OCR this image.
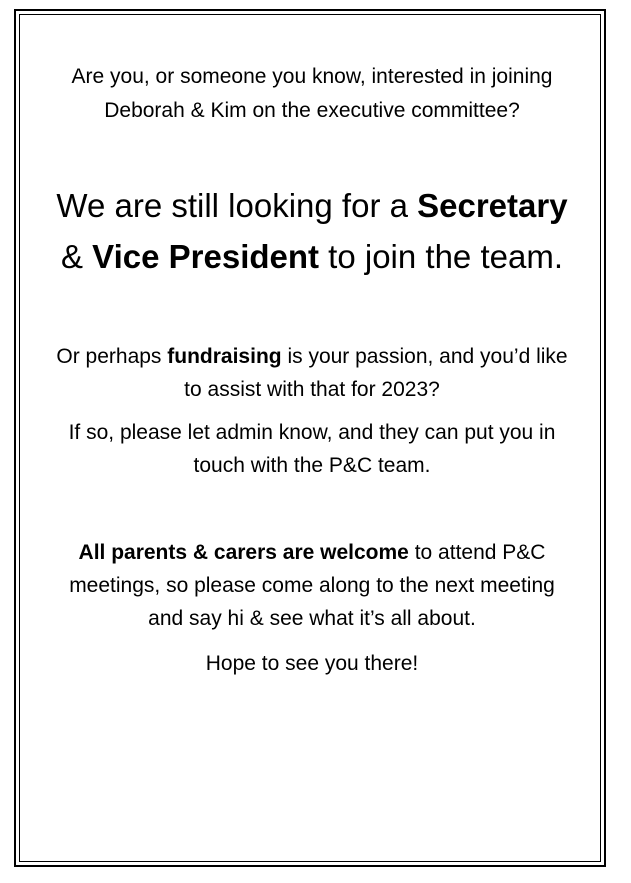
Are you, or someone you know, interested in joining
Deborah & Kim on the executive committee?

We are still looking for a Secretary
& Vice President to join the team.

Or perhaps fundraising is your passion, and you’d like
to assist with that for 2023?

If so, please let admin know, and they can put you in
touch with the P&C team.

All parents & carers are welcome to attend P&C
meetings, so please come along to the next meeting
and say hi & see what it’s all about.

Hope to see you there!
